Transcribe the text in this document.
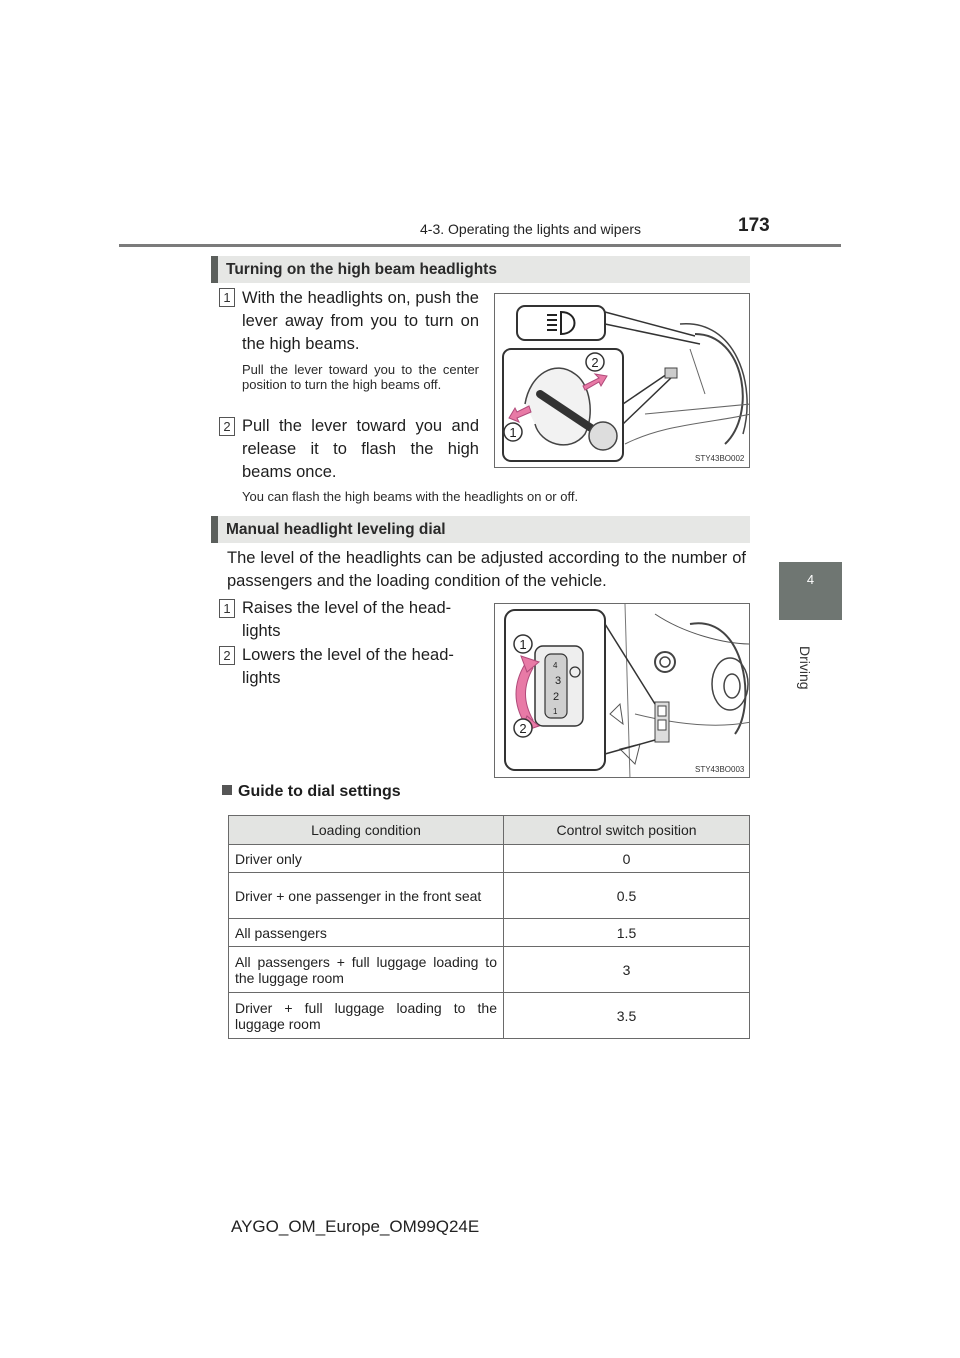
4-3. Operating the lights and wipers	173
4
Driving
Turning on the high beam headlights
1 With the headlights on, push the lever away from you to turn on the high beams.
Pull the lever toward you to the center position to turn the high beams off.
2 Pull the lever toward you and release it to flash the high beams once.
You can flash the high beams with the headlights on or off.
2
1
STY43BO002
Manual headlight leveling dial
The level of the headlights can be adjusted according to the number of passengers and the loading condition of the vehicle.
1 Raises the level of the head- lights
2 Lowers the level of the head- lights
4
3
2
1
1
2
STY43BO003
Guide to dial settings
Loading condition	Control switch position
Driver only	0
Driver + one passenger in the front seat	0.5
All passengers	1.5
All passengers + full luggage loading to the luggage room	3
Driver + full luggage loading to the luggage room	3.5
AYGO_OM_Europe_OM99Q24E
